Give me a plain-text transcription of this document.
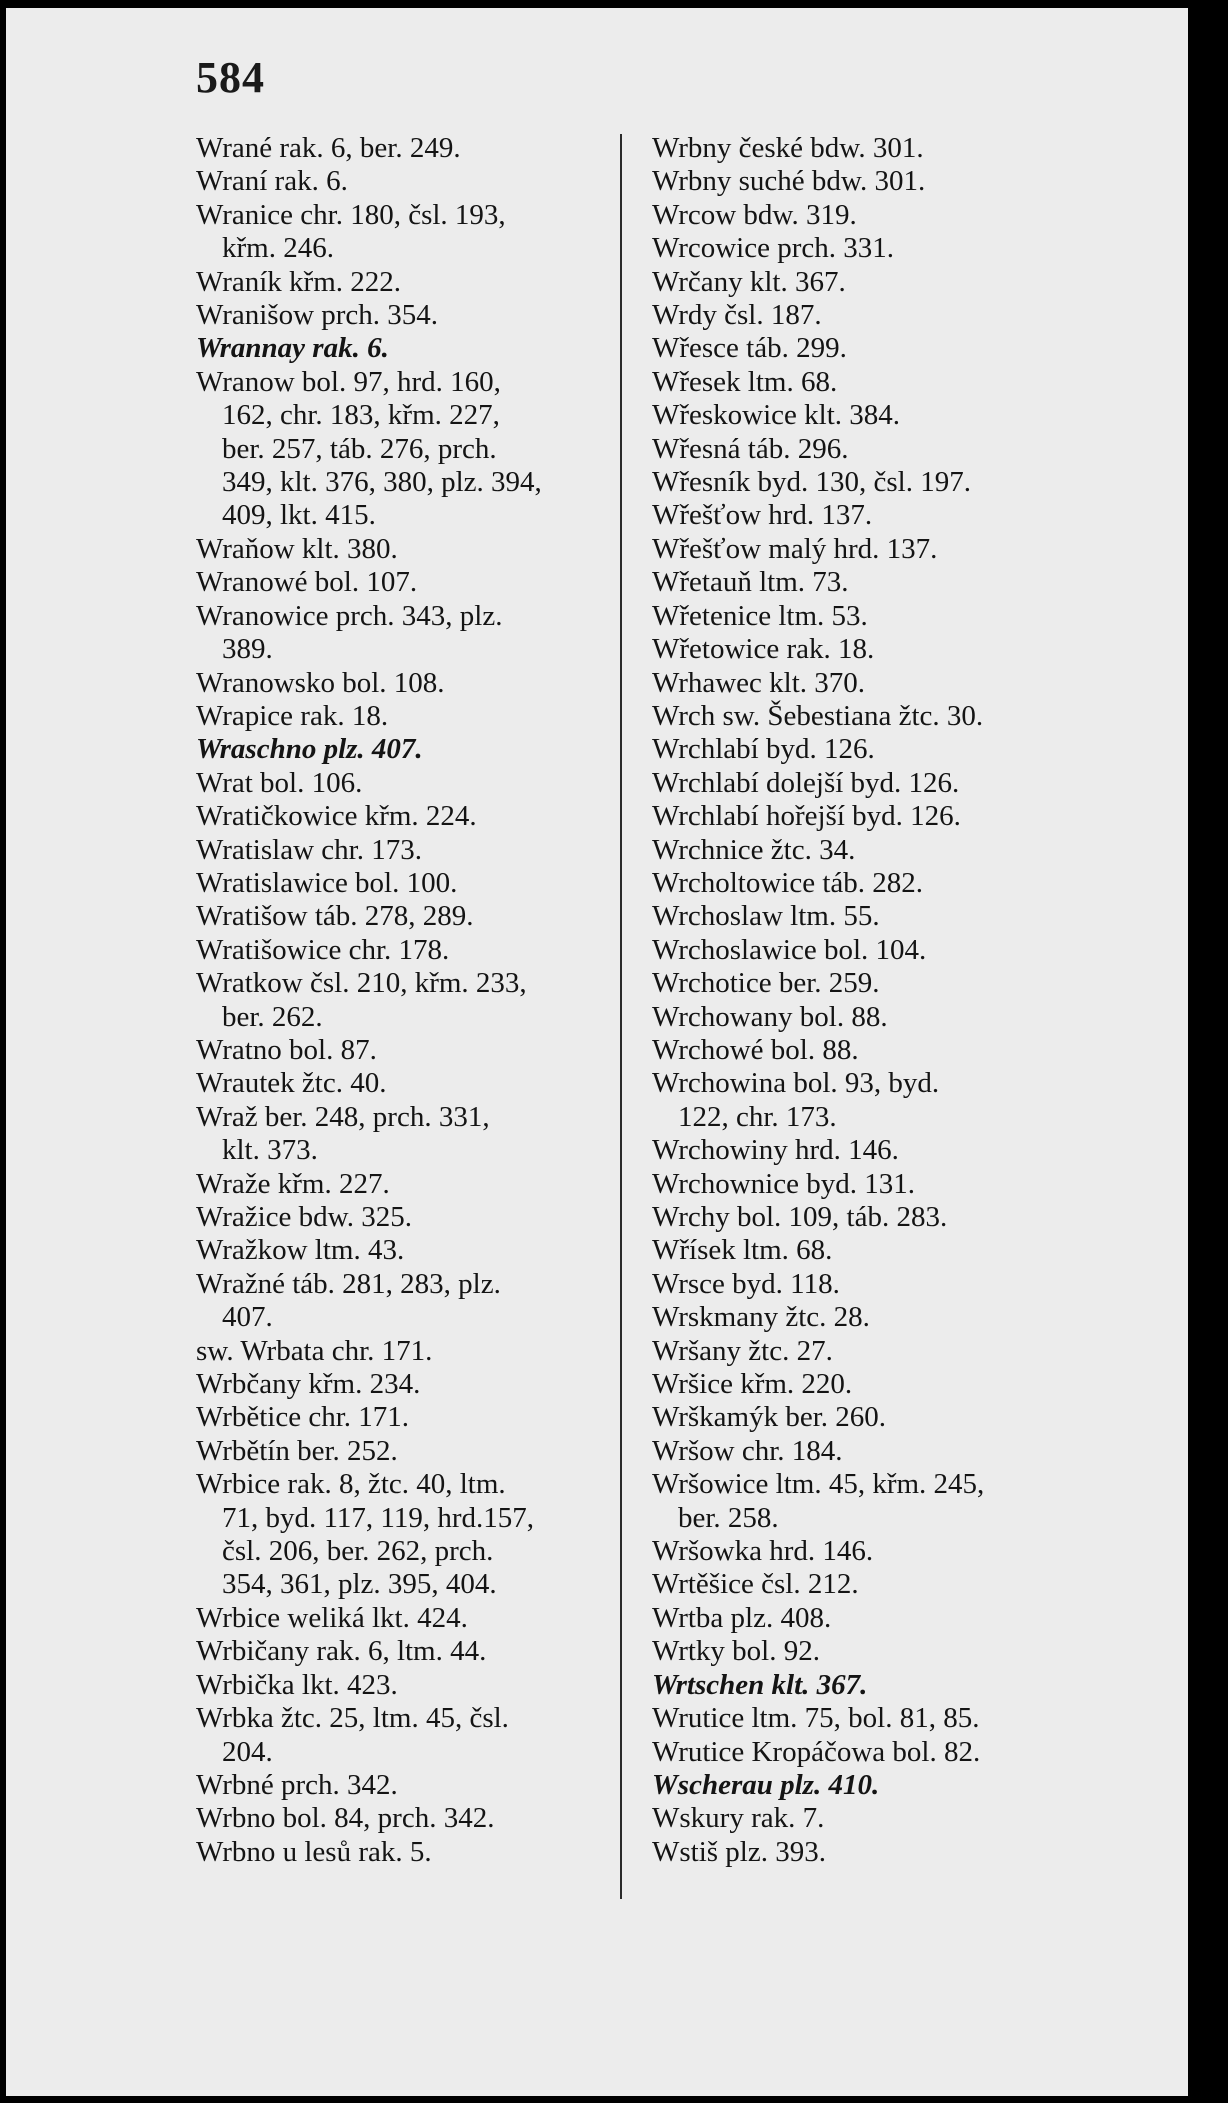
584
Wrané rak. 6, ber. 249.
Wraní rak. 6.
Wranice chr. 180, čsl. 193,
křm. 246.
Wraník křm. 222.
Wranišow prch. 354.
Wrannay rak. 6.
Wranow bol. 97, hrd. 160,
162, chr. 183, křm. 227,
ber. 257, táb. 276, prch.
349, klt. 376, 380, plz. 394,
409, lkt. 415.
Wraňow klt. 380.
Wranowé bol. 107.
Wranowice prch. 343, plz.
389.
Wranowsko bol. 108.
Wrapice rak. 18.
Wraschno plz. 407.
Wrat bol. 106.
Wratičkowice křm. 224.
Wratislaw chr. 173.
Wratislawice bol. 100.
Wratišow táb. 278, 289.
Wratišowice chr. 178.
Wratkow čsl. 210, křm. 233,
ber. 262.
Wratno bol. 87.
Wrautek žtc. 40.
Wraž ber. 248, prch. 331,
klt. 373.
Wraže křm. 227.
Wražice bdw. 325.
Wražkow ltm. 43.
Wražné táb. 281, 283, plz.
407.
sw. Wrbata chr. 171.
Wrbčany křm. 234.
Wrbětice chr. 171.
Wrbětín ber. 252.
Wrbice rak. 8, žtc. 40, ltm.
71, byd. 117, 119, hrd.157,
čsl. 206, ber. 262, prch.
354, 361, plz. 395, 404.
Wrbice weliká lkt. 424.
Wrbičany rak. 6, ltm. 44.
Wrbička lkt. 423.
Wrbka žtc. 25, ltm. 45, čsl.
204.
Wrbné prch. 342.
Wrbno bol. 84, prch. 342.
Wrbno u lesů rak. 5.
Wrbny české bdw. 301.
Wrbny suché bdw. 301.
Wrcow bdw. 319.
Wrcowice prch. 331.
Wrčany klt. 367.
Wrdy čsl. 187.
Wřesce táb. 299.
Wřesek ltm. 68.
Wřeskowice klt. 384.
Wřesná táb. 296.
Wřesník byd. 130, čsl. 197.
Wřešťow hrd. 137.
Wřešťow malý hrd. 137.
Wřetauň ltm. 73.
Wřetenice ltm. 53.
Wřetowice rak. 18.
Wrhawec klt. 370.
Wrch sw. Šebestiana žtc. 30.
Wrchlabí byd. 126.
Wrchlabí dolejší byd. 126.
Wrchlabí hořejší byd. 126.
Wrchnice žtc. 34.
Wrcholtowice táb. 282.
Wrchoslaw ltm. 55.
Wrchoslawice bol. 104.
Wrchotice ber. 259.
Wrchowany bol. 88.
Wrchowé bol. 88.
Wrchowina bol. 93, byd.
122, chr. 173.
Wrchowiny hrd. 146.
Wrchownice byd. 131.
Wrchy bol. 109, táb. 283.
Wřísek ltm. 68.
Wrsce byd. 118.
Wrskmany žtc. 28.
Wršany žtc. 27.
Wršice křm. 220.
Wrškamýk ber. 260.
Wršow chr. 184.
Wršowice ltm. 45, křm. 245,
ber. 258.
Wršowka hrd. 146.
Wrtěšice čsl. 212.
Wrtba plz. 408.
Wrtky bol. 92.
Wrtschen klt. 367.
Wrutice ltm. 75, bol. 81, 85.
Wrutice Kropáčowa bol. 82.
Wscherau plz. 410.
Wskury rak. 7.
Wstiš plz. 393.
